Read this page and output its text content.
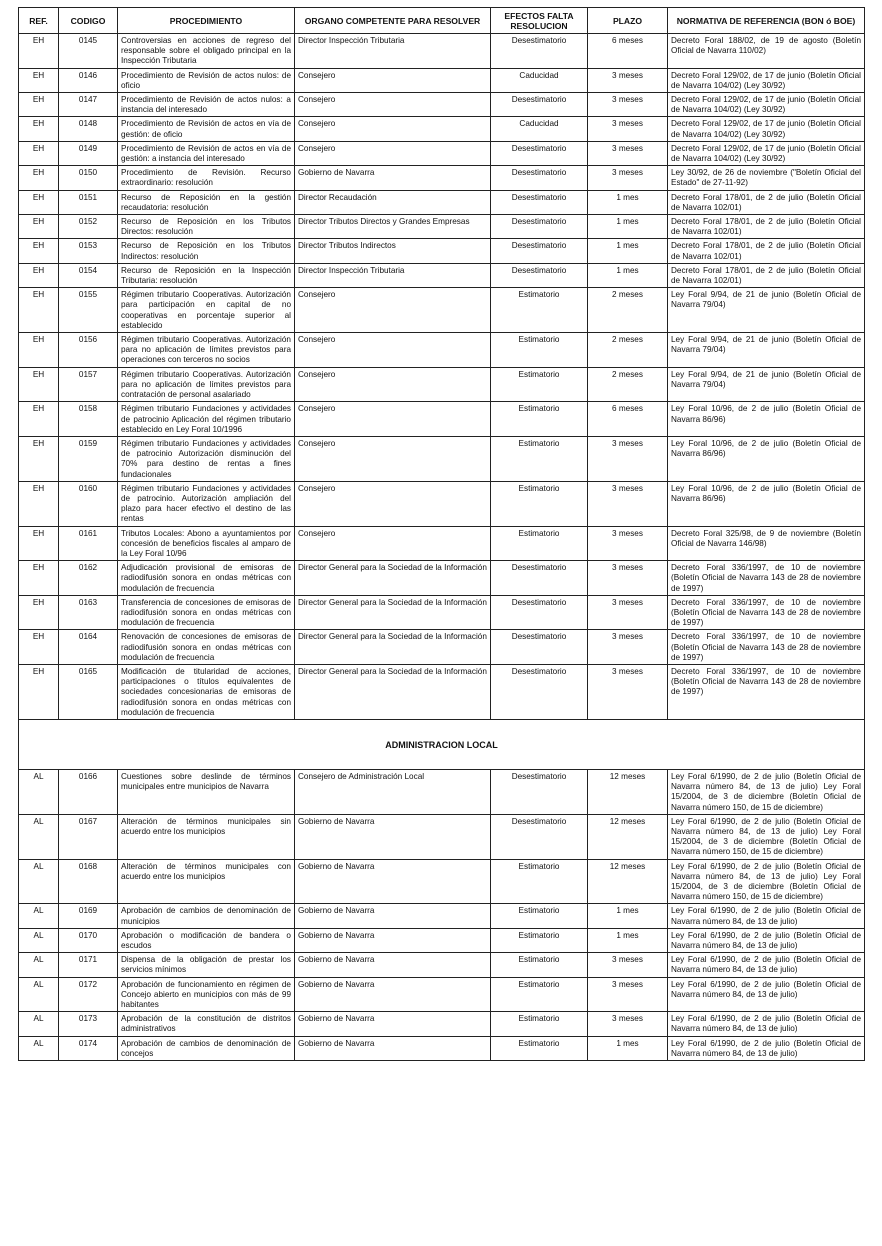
REF.	CODIGO	PROCEDIMIENTO	ORGANO COMPETENTE PARA RESOLVER	EFECTOS FALTA RESOLUCION	PLAZO	NORMATIVA DE REFERENCIA (BON ó BOE)
EH	0145	Controversias en acciones de regreso del responsable sobre el obligado principal en la Inspección Tributaria	Director Inspección Tributaria	Desestimatorio	6 meses	Decreto Foral 188/02, de 19 de agosto (Boletín Oficial de Navarra 110/02)
EH	0146	Procedimiento de Revisión de actos nulos: de oficio	Consejero	Caducidad	3 meses	Decreto Foral 129/02, de 17 de junio (Boletín Oficial de Navarra 104/02) (Ley 30/92)
EH	0147	Procedimiento de Revisión de actos nulos: a instancia del interesado	Consejero	Desestimatorio	3 meses	Decreto Foral 129/02, de 17 de junio (Boletín Oficial de Navarra 104/02) (Ley 30/92)
EH	0148	Procedimiento de Revisión de actos en vía de gestión: de oficio	Consejero	Caducidad	3 meses	Decreto Foral 129/02, de 17 de junio (Boletín Oficial de Navarra 104/02) (Ley 30/92)
EH	0149	Procedimiento de Revisión de actos en vía de gestión: a instancia del interesado	Consejero	Desestimatorio	3 meses	Decreto Foral 129/02, de 17 de junio (Boletín Oficial de Navarra 104/02) (Ley 30/92)
EH	0150	Procedimiento de Revisión. Recurso extraordinario: resolución	Gobierno de Navarra	Desestimatorio	3 meses	Ley 30/92, de 26 de noviembre ("Boletín Oficial del Estado" de 27-11-92)
EH	0151	Recurso de Reposición en la gestión recaudatoria: resolución	Director Recaudación	Desestimatorio	1 mes	Decreto Foral 178/01, de 2 de julio (Boletín Oficial de Navarra 102/01)
EH	0152	Recurso de Reposición en los Tributos Directos: resolución	Director Tributos Directos y Grandes Empresas	Desestimatorio	1 mes	Decreto Foral 178/01, de 2 de julio (Boletín Oficial de Navarra 102/01)
EH	0153	Recurso de Reposición en los Tributos Indirectos: resolución	Director Tributos Indirectos	Desestimatorio	1 mes	Decreto Foral 178/01, de 2 de julio (Boletín Oficial de Navarra 102/01)
EH	0154	Recurso de Reposición en la Inspección Tributaria: resolución	Director Inspección Tributaria	Desestimatorio	1 mes	Decreto Foral 178/01, de 2 de julio (Boletín Oficial de Navarra 102/01)
EH	0155	Régimen tributario Cooperativas. Autorización para participación en capital de no cooperativas en porcentaje superior al establecido	Consejero	Estimatorio	2 meses	Ley Foral 9/94, de 21 de junio (Boletín Oficial de Navarra 79/04)
EH	0156	Régimen tributario Cooperativas. Autorización para no aplicación de límites previstos para operaciones con terceros no socios	Consejero	Estimatorio	2 meses	Ley Foral 9/94, de 21 de junio (Boletín Oficial de Navarra 79/04)
EH	0157	Régimen tributario Cooperativas. Autorización para no aplicación de límites previstos para contratación de personal asalariado	Consejero	Estimatorio	2 meses	Ley Foral 9/94, de 21 de junio (Boletín Oficial de Navarra 79/04)
EH	0158	Régimen tributario Fundaciones y actividades de patrocinio Aplicación del régimen tributario establecido en Ley Foral 10/1996	Consejero	Estimatorio	6 meses	Ley Foral 10/96, de 2 de julio (Boletín Oficial de Navarra 86/96)
EH	0159	Régimen tributario Fundaciones y actividades de patrocinio Autorización disminución del 70% para destino de rentas a fines fundacionales	Consejero	Estimatorio	3 meses	Ley Foral 10/96, de 2 de julio (Boletín Oficial de Navarra 86/96)
EH	0160	Régimen tributario Fundaciones y actividades de patrocinio. Autorización ampliación del plazo para hacer efectivo el destino de las rentas	Consejero	Estimatorio	3 meses	Ley Foral 10/96, de 2 de julio (Boletín Oficial de Navarra 86/96)
EH	0161	Tributos Locales: Abono a ayuntamientos por concesión de beneficios fiscales al amparo de la Ley Foral 10/96	Consejero	Estimatorio	3 meses	Decreto Foral 325/98, de 9 de noviembre (Boletín Oficial de Navarra 146/98)
EH	0162	Adjudicación provisional de emisoras de radiodifusión sonora en ondas métricas con modulación de frecuencia	Director General para la Sociedad de la Información	Desestimatorio	3 meses	Decreto Foral 336/1997, de 10 de noviembre (Boletín Oficial de Navarra 143 de 28 de noviembre de 1997)
EH	0163	Transferencia de concesiones de emisoras de radiodifusión sonora en ondas métricas con modulación de frecuencia	Director General para la Sociedad de la Información	Desestimatorio	3 meses	Decreto Foral 336/1997, de 10 de noviembre (Boletín Oficial de Navarra 143 de 28 de noviembre de 1997)
EH	0164	Renovación de concesiones de emisoras de radiodifusión sonora en ondas métricas con modulación de frecuencia	Director General para la Sociedad de la Información	Desestimatorio	3 meses	Decreto Foral 336/1997, de 10 de noviembre (Boletín Oficial de Navarra 143 de 28 de noviembre de 1997)
EH	0165	Modificación de titularidad de acciones, participaciones o títulos equivalentes de sociedades concesionarias de emisoras de radiodifusión sonora en ondas métricas con modulación de frecuencia	Director General para la Sociedad de la Información	Desestimatorio	3 meses	Decreto Foral 336/1997, de 10 de noviembre (Boletín Oficial de Navarra 143 de 28 de noviembre de 1997)
ADMINISTRACION LOCAL						
AL	0166	Cuestiones sobre deslinde de términos municipales entre municipios de Navarra	Consejero de Administración Local	Desestimatorio	12 meses	Ley Foral 6/1990, de 2 de julio (Boletín Oficial de Navarra número 84, de 13 de julio) Ley Foral 15/2004, de 3 de diciembre (Boletín Oficial de Navarra número 150, de 15 de diciembre)
AL	0167	Alteración de términos municipales sin acuerdo entre los municipios	Gobierno de Navarra	Desestimatorio	12 meses	Ley Foral 6/1990, de 2 de julio (Boletín Oficial de Navarra número 84, de 13 de julio) Ley Foral 15/2004, de 3 de diciembre (Boletín Oficial de Navarra número 150, de 15 de diciembre)
AL	0168	Alteración de términos municipales con acuerdo entre los municipios	Gobierno de Navarra	Estimatorio	12 meses	Ley Foral 6/1990, de 2 de julio (Boletín Oficial de Navarra número 84, de 13 de julio) Ley Foral 15/2004, de 3 de diciembre (Boletín Oficial de Navarra número 150, de 15 de diciembre)
AL	0169	Aprobación de cambios de denominación de municipios	Gobierno de Navarra	Estimatorio	1 mes	Ley Foral 6/1990, de 2 de julio (Boletín Oficial de Navarra número 84, de 13 de julio)
AL	0170	Aprobación o modificación de bandera o escudos	Gobierno de Navarra	Estimatorio	1 mes	Ley Foral 6/1990, de 2 de julio (Boletín Oficial de Navarra número 84, de 13 de julio)
AL	0171	Dispensa de la obligación de prestar los servicios mínimos	Gobierno de Navarra	Estimatorio	3 meses	Ley Foral 6/1990, de 2 de julio (Boletín Oficial de Navarra número 84, de 13 de julio)
AL	0172	Aprobación de funcionamiento en régimen de Concejo abierto en municipios con más de 99 habitantes	Gobierno de Navarra	Estimatorio	3 meses	Ley Foral 6/1990, de 2 de julio (Boletín Oficial de Navarra número 84, de 13 de julio)
AL	0173	Aprobación de la constitución de distritos administrativos	Gobierno de Navarra	Estimatorio	3 meses	Ley Foral 6/1990, de 2 de julio (Boletín Oficial de Navarra número 84, de 13 de julio)
AL	0174	Aprobación de cambios de denominación de concejos	Gobierno de Navarra	Estimatorio	1 mes	Ley Foral 6/1990, de 2 de julio (Boletín Oficial de Navarra número 84, de 13 de julio)
